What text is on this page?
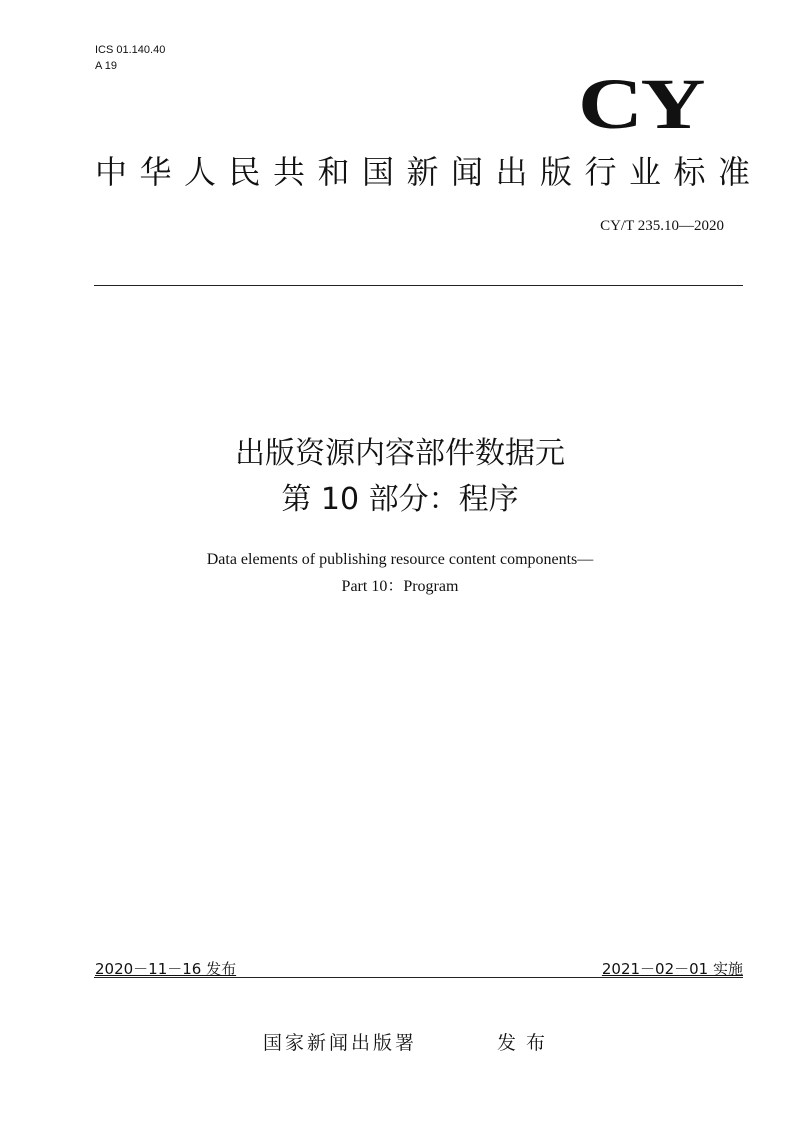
ICS 01.140.40
A 19	CY
中华人民共和国新闻出版行业标准
CY/T 235.10—2020
出版资源内容部件数据元
第 10 部分：程序
Data elements of publishing resource content components—
Part 10：Program
2020－11－16 发布	2021－02－01 实施
国家新闻出版署	发布
